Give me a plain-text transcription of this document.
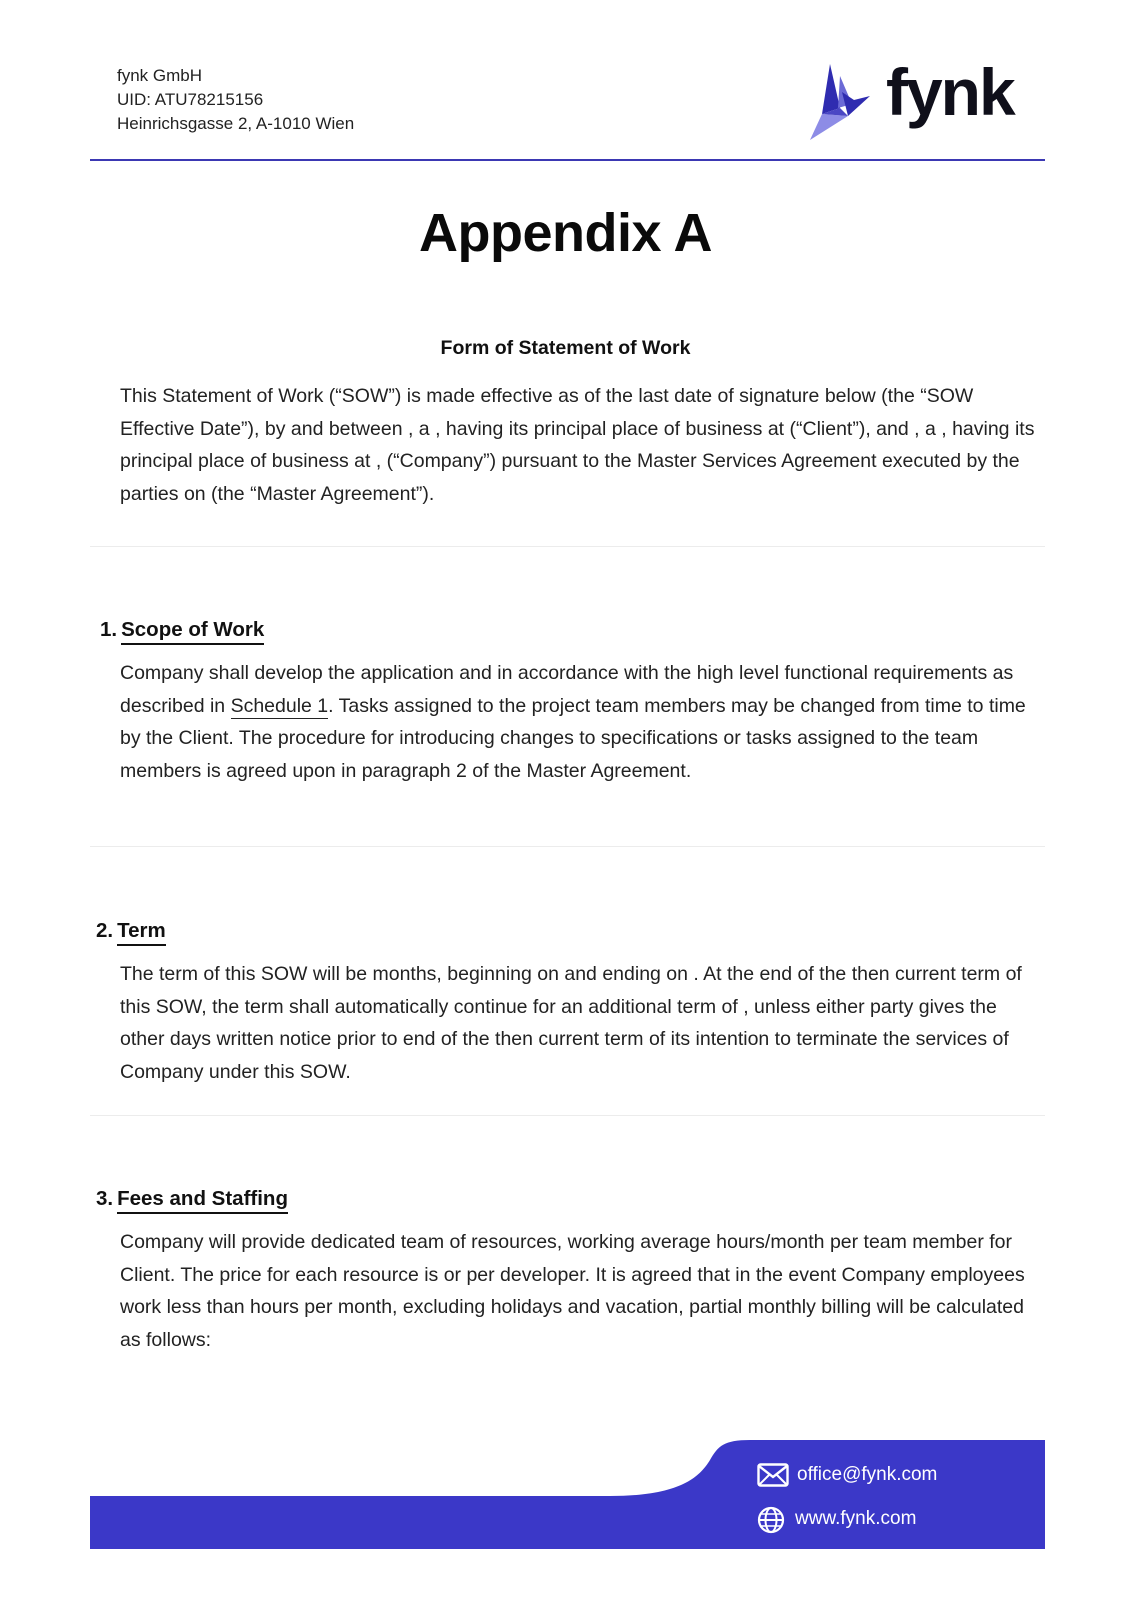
fynk GmbH
UID: ATU78215156
Heinrichsgasse 2, A-1010 Wien	fynk
Appendix A
Form of Statement of Work
This Statement of Work (“SOW”) is made effective as of the last date of signature below (the “SOW Effective Date”), by and between , a , having its principal place of business at (“Client”), and , a , having its principal place of business at , (“Company”) pursuant to the Master Services Agreement executed by the parties on (the “Master Agreement”).
1. Scope of Work
Company shall develop the application and in accordance with the high level functional requirements as described in Schedule 1. Tasks assigned to the project team members may be changed from time to time by the Client. The procedure for introducing changes to specifications or tasks assigned to the team members is agreed upon in paragraph 2 of the Master Agreement.
2. Term
The term of this SOW will be months, beginning on and ending on . At the end of the then current term of this SOW, the term shall automatically continue for an additional term of , unless either party gives the other days written notice prior to end of the then current term of its intention to terminate the services of Company under this SOW.
3. Fees and Staffing
Company will provide dedicated team of resources, working average hours/month per team member for Client. The price for each resource is or per developer. It is agreed that in the event Company employees work less than hours per month, excluding holidays and vacation, partial monthly billing will be calculated as follows:
office@fynk.com
www.fynk.com
